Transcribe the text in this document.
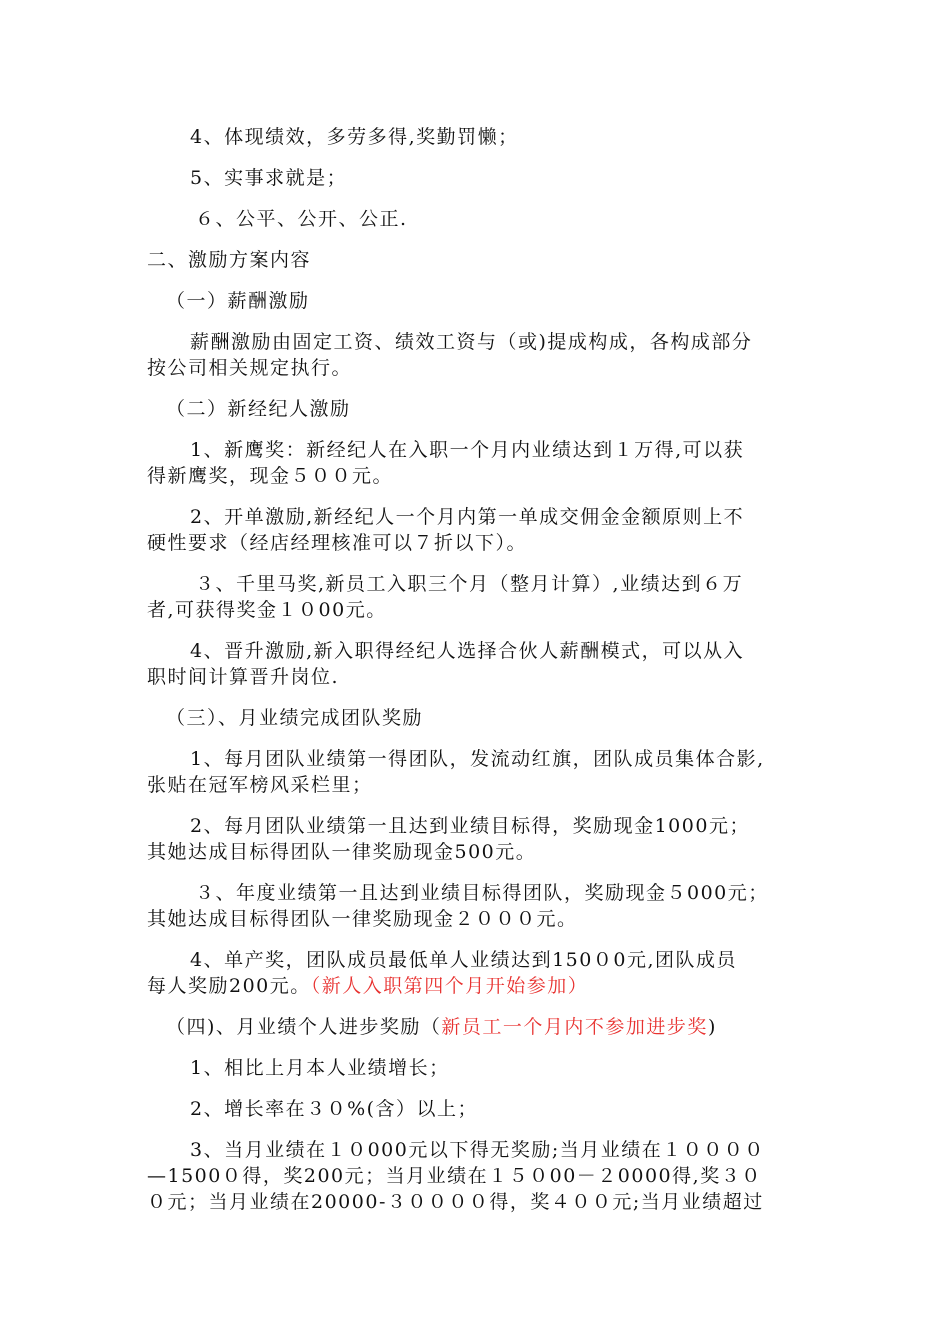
4、体现绩效，多劳多得,奖勤罚懒；
5、实事求就是；
６、公平、公开、公正.
二、激励方案内容
（一）薪酬激励
薪酬激励由固定工资、绩效工资与（或)提成构成，各构成部分
按公司相关规定执行。
（二）新经纪人激励
1、新鹰奖：新经纪人在入职一个月内业绩达到１万得,可以获
得新鹰奖，现金５００元。
2、开单激励,新经纪人一个月内第一单成交佣金金额原则上不
硬性要求（经店经理核准可以７折以下）。
３、千里马奖,新员工入职三个月（整月计算）,业绩达到６万
者,可获得奖金１０00元。
4、晋升激励,新入职得经纪人选择合伙人薪酬模式，可以从入
职时间计算晋升岗位.
（三）、月业绩完成团队奖励
1、每月团队业绩第一得团队，发流动红旗，团队成员集体合影,
张贴在冠军榜风采栏里；
2、每月团队业绩第一且达到业绩目标得，奖励现金1000元；
其她达成目标得团队一律奖励现金500元。
３、年度业绩第一且达到业绩目标得团队，奖励现金５000元；
其她达成目标得团队一律奖励现金２０００元。
4、单产奖，团队成员最低单人业绩达到150０0元,团队成员
每人奖励200元。（新人入职第四个月开始参加）
（四)、月业绩个人进步奖励（新员工一个月内不参加进步奖)
1、相比上月本人业绩增长；
2、增长率在３０%(含）以上；
3、当月业绩在１０000元以下得无奖励;当月业绩在１００００
—1500０得，奖200元；当月业绩在１５０00－２0000得,奖３０
０元；当月业绩在20000-３００００得，奖４００元;当月业绩超过
